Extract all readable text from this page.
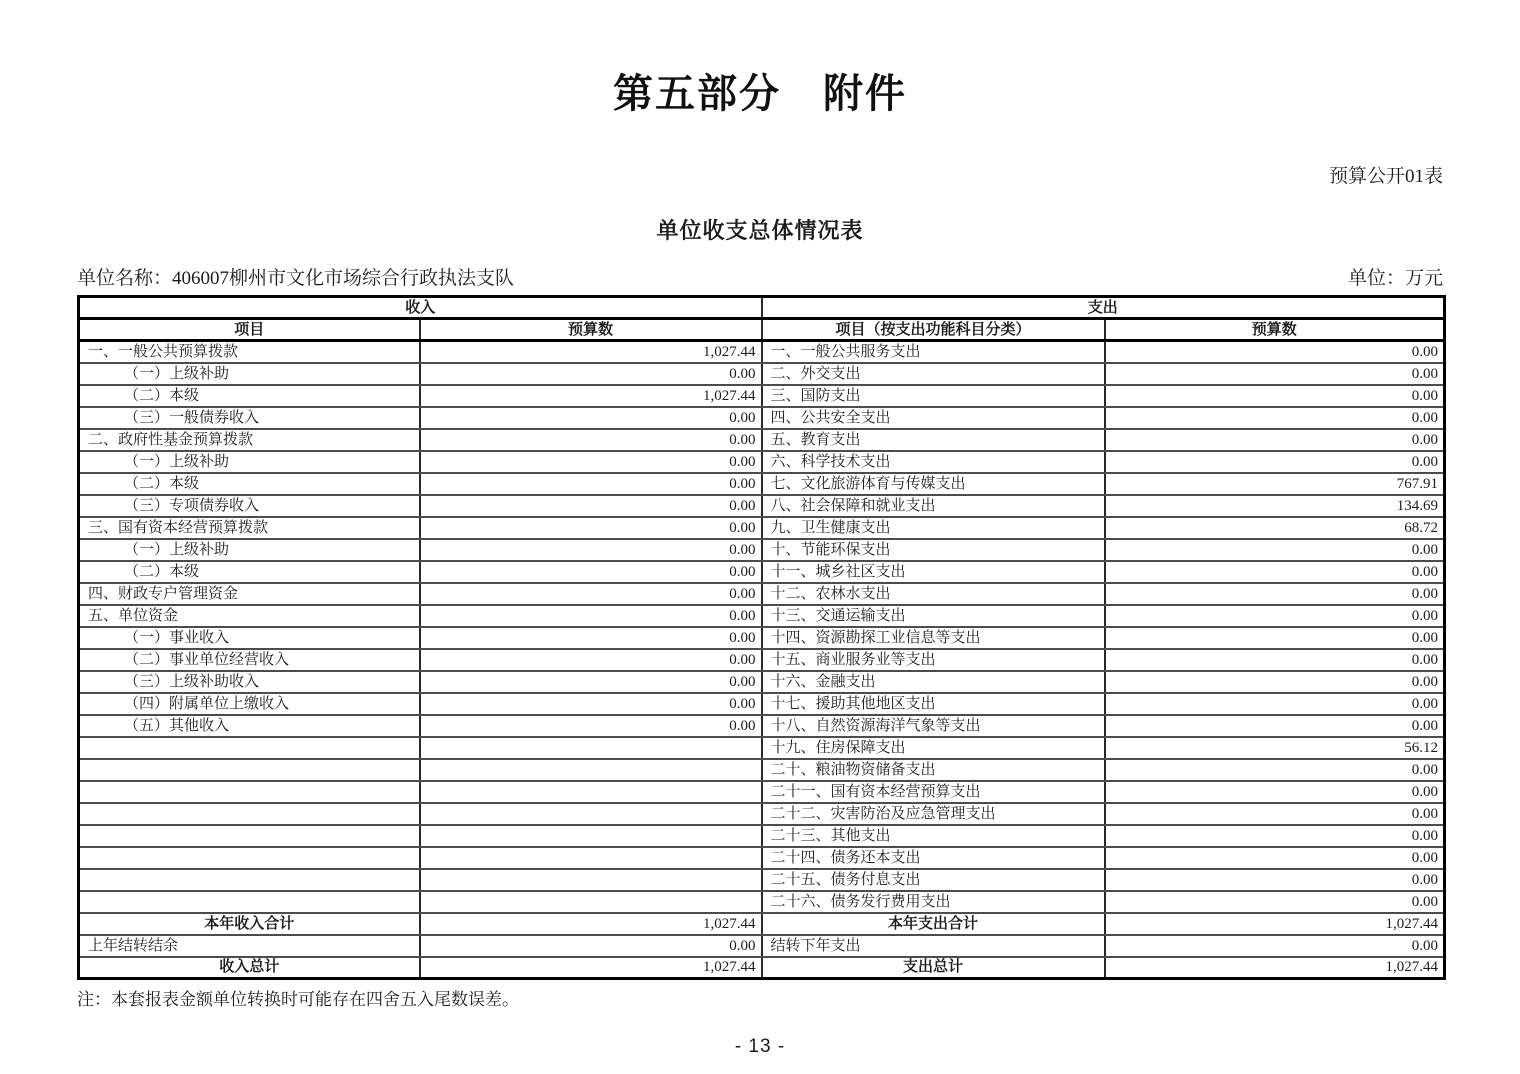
第五部分　附件
预算公开01表
单位收支总体情况表
单位名称：406007柳州市文化市场综合行政执法支队	单位：万元
收入		支出	
项目	预算数	项目（按支出功能科目分类）	预算数
一、一般公共预算拨款	1,027.44	一、一般公共服务支出	0.00
（一）上级补助	0.00	二、外交支出	0.00
（二）本级	1,027.44	三、国防支出	0.00
（三）一般债券收入	0.00	四、公共安全支出	0.00
二、政府性基金预算拨款	0.00	五、教育支出	0.00
（一）上级补助	0.00	六、科学技术支出	0.00
（二）本级	0.00	七、文化旅游体育与传媒支出	767.91
（三）专项债券收入	0.00	八、社会保障和就业支出	134.69
三、国有资本经营预算拨款	0.00	九、卫生健康支出	68.72
（一）上级补助	0.00	十、节能环保支出	0.00
（二）本级	0.00	十一、城乡社区支出	0.00
四、财政专户管理资金	0.00	十二、农林水支出	0.00
五、单位资金	0.00	十三、交通运输支出	0.00
（一）事业收入	0.00	十四、资源勘探工业信息等支出	0.00
（二）事业单位经营收入	0.00	十五、商业服务业等支出	0.00
（三）上级补助收入	0.00	十六、金融支出	0.00
（四）附属单位上缴收入	0.00	十七、援助其他地区支出	0.00
（五）其他收入	0.00	十八、自然资源海洋气象等支出	0.00
		十九、住房保障支出	56.12
		二十、粮油物资储备支出	0.00
		二十一、国有资本经营预算支出	0.00
		二十二、灾害防治及应急管理支出	0.00
		二十三、其他支出	0.00
		二十四、债务还本支出	0.00
		二十五、债务付息支出	0.00
		二十六、债务发行费用支出	0.00
本年收入合计	1,027.44	本年支出合计	1,027.44
上年结转结余	0.00	结转下年支出	0.00
收入总计	1,027.44	支出总计	1,027.44
注：本套报表金额单位转换时可能存在四舍五入尾数误差。
- 13 -
